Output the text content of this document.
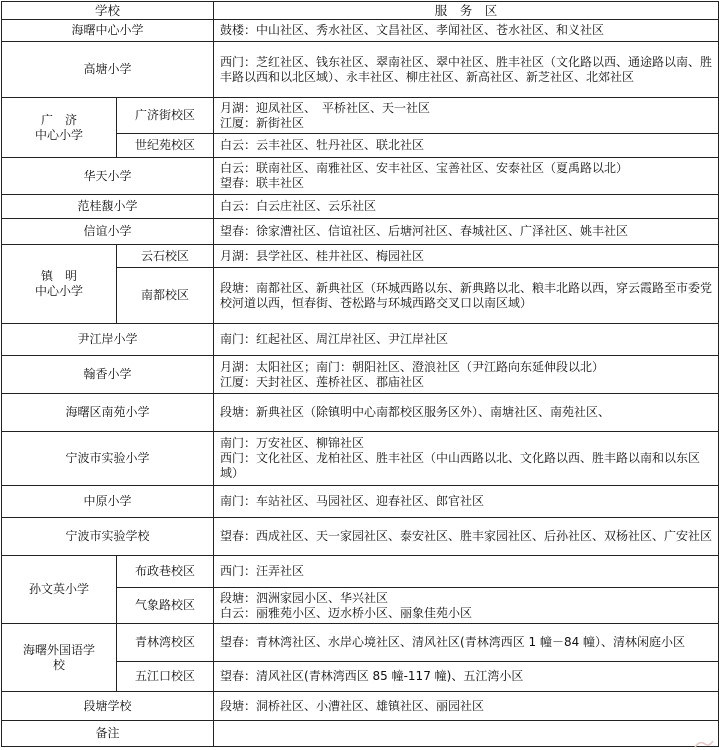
学校		服　务　区
海曙中心小学		鼓楼：中山社区、秀水社区、文昌社区、孝闻社区、苍水社区、和义社区

高塘小学		西门：芝红社区、钱东社区、翠南社区、翠中社区、胜丰社区（文化路以西、通途路以南、胜丰路以西和以北区域）、永丰社区、柳庄社区、新高社区、新芝社区、北郊社区

广　济
中心小学	广济街校区	月湖：迎凤社区、　平桥社区、天一社区
江厦：新街社区

	世纪苑校区	白云：云丰社区、牡丹社区、联北社区

华天小学		白云：联南社区、南雅社区、安丰社区、宝善社区、安泰社区（夏禹路以北）
望春：联丰社区

范桂馥小学		白云：白云庄社区、云乐社区

信谊小学		望春：徐家漕社区、信谊社区、后塘河社区、春城社区、广泽社区、姚丰社区

镇　明
中心小学	云石校区	月湖：县学社区、桂井社区、梅园社区

	南都校区	段塘：南都社区、新典社区（环城西路以东、新典路以北、粮丰北路以西，穿云霞路至市委党校河道以西，恒春街、苍松路与环城西路交叉口以南区域）

尹江岸小学		南门：红起社区、周江岸社区、尹江岸社区

翰香小学		月湖：太阳社区；南门：朝阳社区、澄浪社区（尹江路向东延伸段以北）
江厦：天封社区、莲桥社区、郡庙社区

海曙区南苑小学		段塘：新典社区（除镇明中心南都校区服务区外）、南塘社区、南苑社区、

宁波市实验小学		南门：万安社区、柳锦社区
西门：文化社区、龙柏社区、胜丰社区（中山西路以北、文化路以西、胜丰路以南和以东区域）

中原小学		南门：车站社区、马园社区、迎春社区、郎官社区

宁波市实验学校		望春：西成社区、天一家园社区、泰安社区、胜丰家园社区、后孙社区、双杨社区、广安社区

孙文英小学	布政巷校区	西门：汪弄社区

	气象路校区	段塘：泗洲家园小区、华兴社区
白云：丽雅苑小区、迈水桥小区、丽象佳苑小区

海曙外国语学
校	青林湾校区	望春：青林湾社区、水岸心境社区、清风社区(青林湾西区 1 幢－84 幢）、清林闲庭小区

	五江口校区	望春：清风社区(青林湾西区 85 幢-117 幢)、五江湾小区

段塘学校		段塘：洞桥社区、小漕社区、雄镇社区、丽园社区

备注		
